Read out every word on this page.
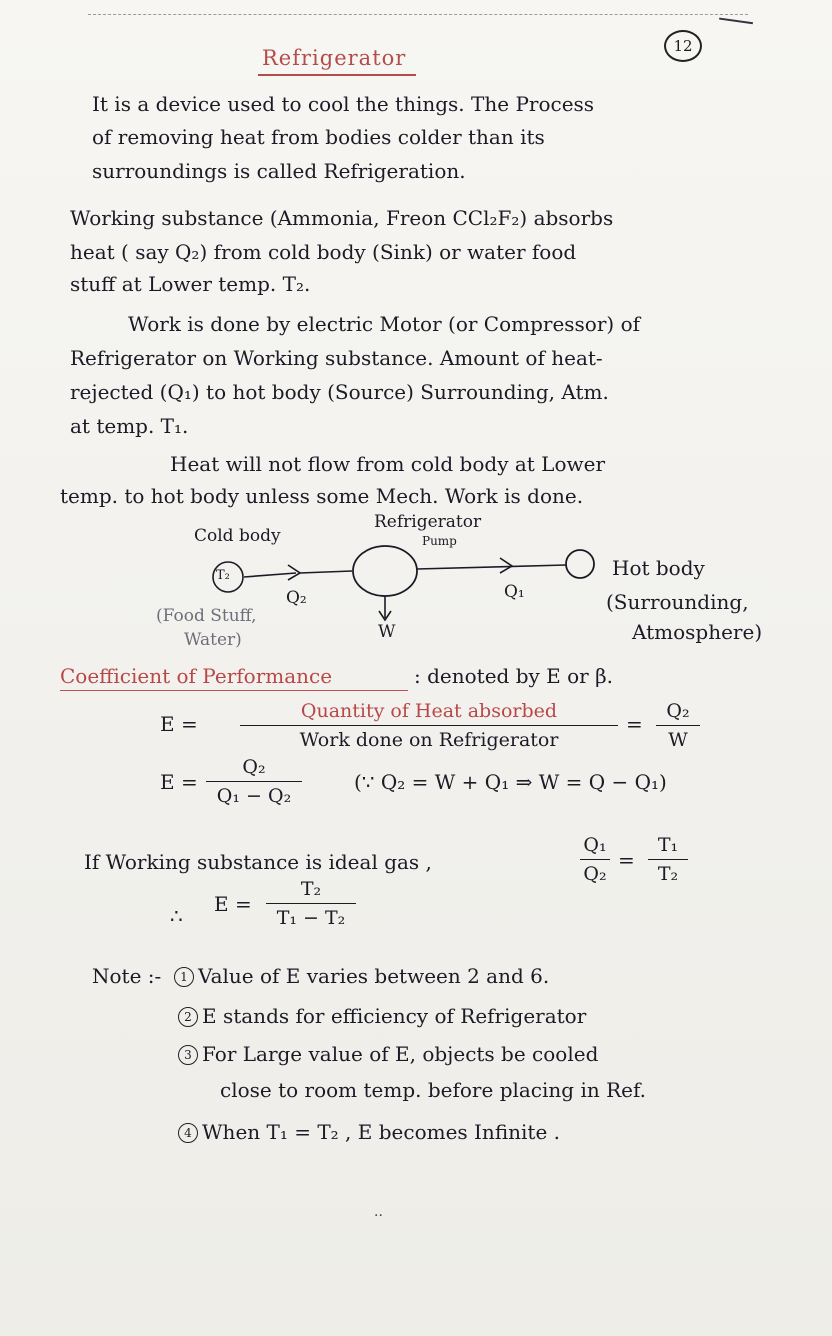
12
Refrigerator
It is a device used to cool the things. The Process
of removing heat from bodies colder than its
surroundings is called Refrigeration.
Working substance (Ammonia, Freon CCl₂F₂) absorbs
heat ( say Q₂) from cold body (Sink) or water food
stuff at Lower temp. T₂.
Work is done by electric Motor (or Compressor) of
Refrigerator on Working substance. Amount of heat-
rejected (Q₁) to hot body (Source) Surrounding, Atm.
at temp. T₁.
Heat will not flow from cold body at Lower
temp. to hot body unless some Mech. Work is done.
Cold body
T₂
(Food Stuff,
Water)
Refrigerator
Pump
Q₂	Q₁
W
Hot body
(Surrounding,
Atmosphere)
Coefficient of Performance	: denoted by E or β.
E =
Quantity of Heat absorbed
Work done on Refrigerator
=
Q₂
W
E =
Q₂
Q₁ − Q₂
(∵ Q₂ = W + Q₁ ⇒ W = Q − Q₁)
If Working substance is ideal gas ,
Q₁
Q₂
=
T₁
T₂
∴ E =
T₂
T₁ − T₂
Note :-	1 Value of E varies between 2 and 6.
2 E stands for efficiency of Refrigerator
3 For Large value of E, objects be cooled
close to room temp. before placing in Ref.
4 When T₁ = T₂ , E becomes Infinite .
··
